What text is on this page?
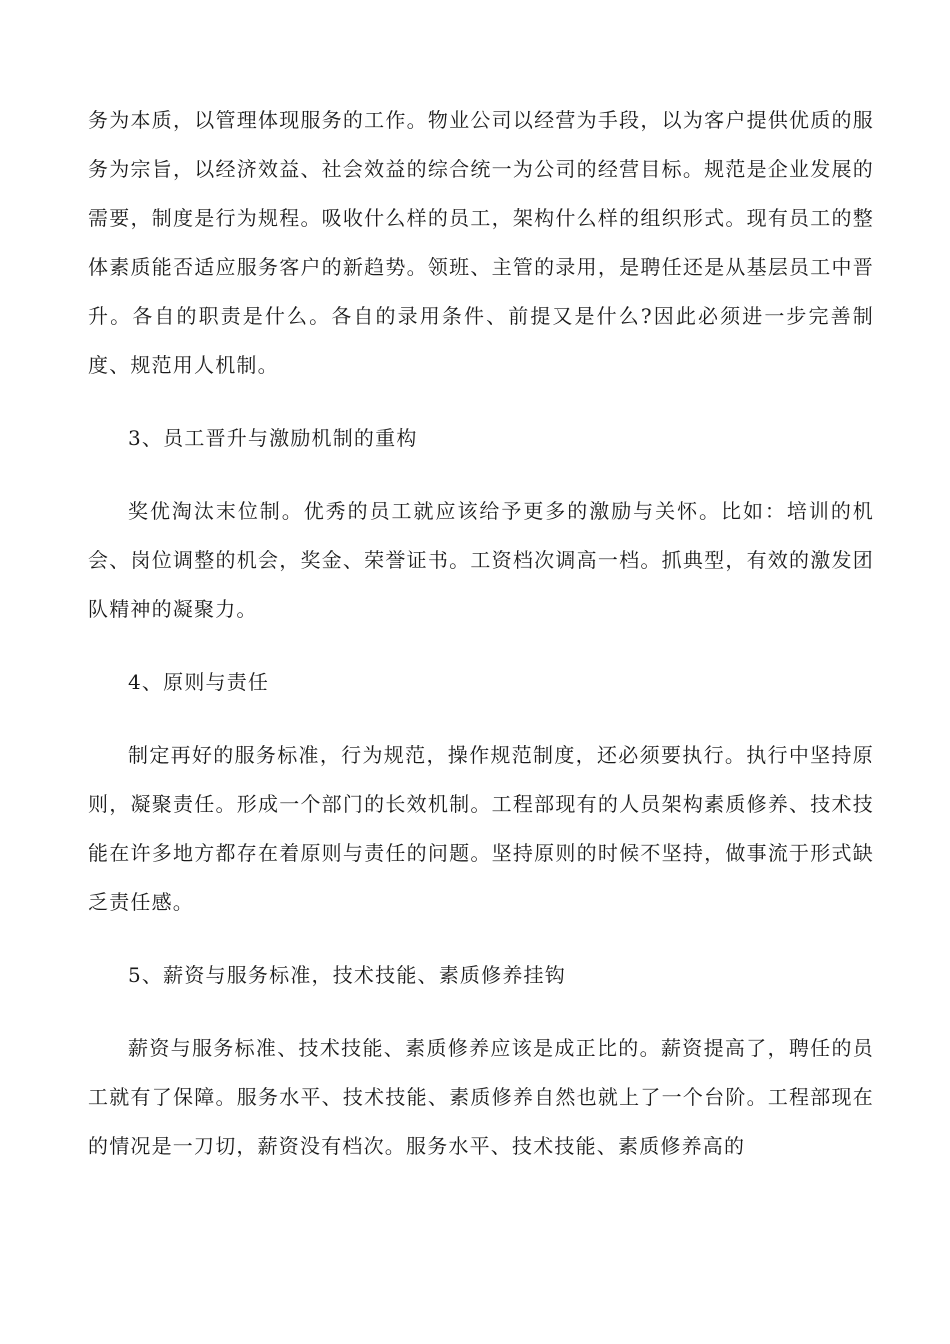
务为本质，以管理体现服务的工作。物业公司以经营为手段，以为客户提供优质的服务为宗旨，以经济效益、社会效益的综合统一为公司的经营目标。规范是企业发展的需要，制度是行为规程。吸收什么样的员工，架构什么样的组织形式。现有员工的整体素质能否适应服务客户的新趋势。领班、主管的录用，是聘任还是从基层员工中晋升。各自的职责是什么。各自的录用条件、前提又是什么?因此必须进一步完善制度、规范用人机制。

3、员工晋升与激励机制的重构

奖优淘汰末位制。优秀的员工就应该给予更多的激励与关怀。比如：培训的机会、岗位调整的机会，奖金、荣誉证书。工资档次调高一档。抓典型，有效的激发团队精神的凝聚力。

4、原则与责任

制定再好的服务标准，行为规范，操作规范制度，还必须要执行。执行中坚持原则，凝聚责任。形成一个部门的长效机制。工程部现有的人员架构素质修养、技术技能在许多地方都存在着原则与责任的问题。坚持原则的时候不坚持，做事流于形式缺乏责任感。

5、薪资与服务标准，技术技能、素质修养挂钩

薪资与服务标准、技术技能、素质修养应该是成正比的。薪资提高了，聘任的员工就有了保障。服务水平、技术技能、素质修养自然也就上了一个台阶。工程部现在的情况是一刀切，薪资没有档次。服务水平、技术技能、素质修养高的
